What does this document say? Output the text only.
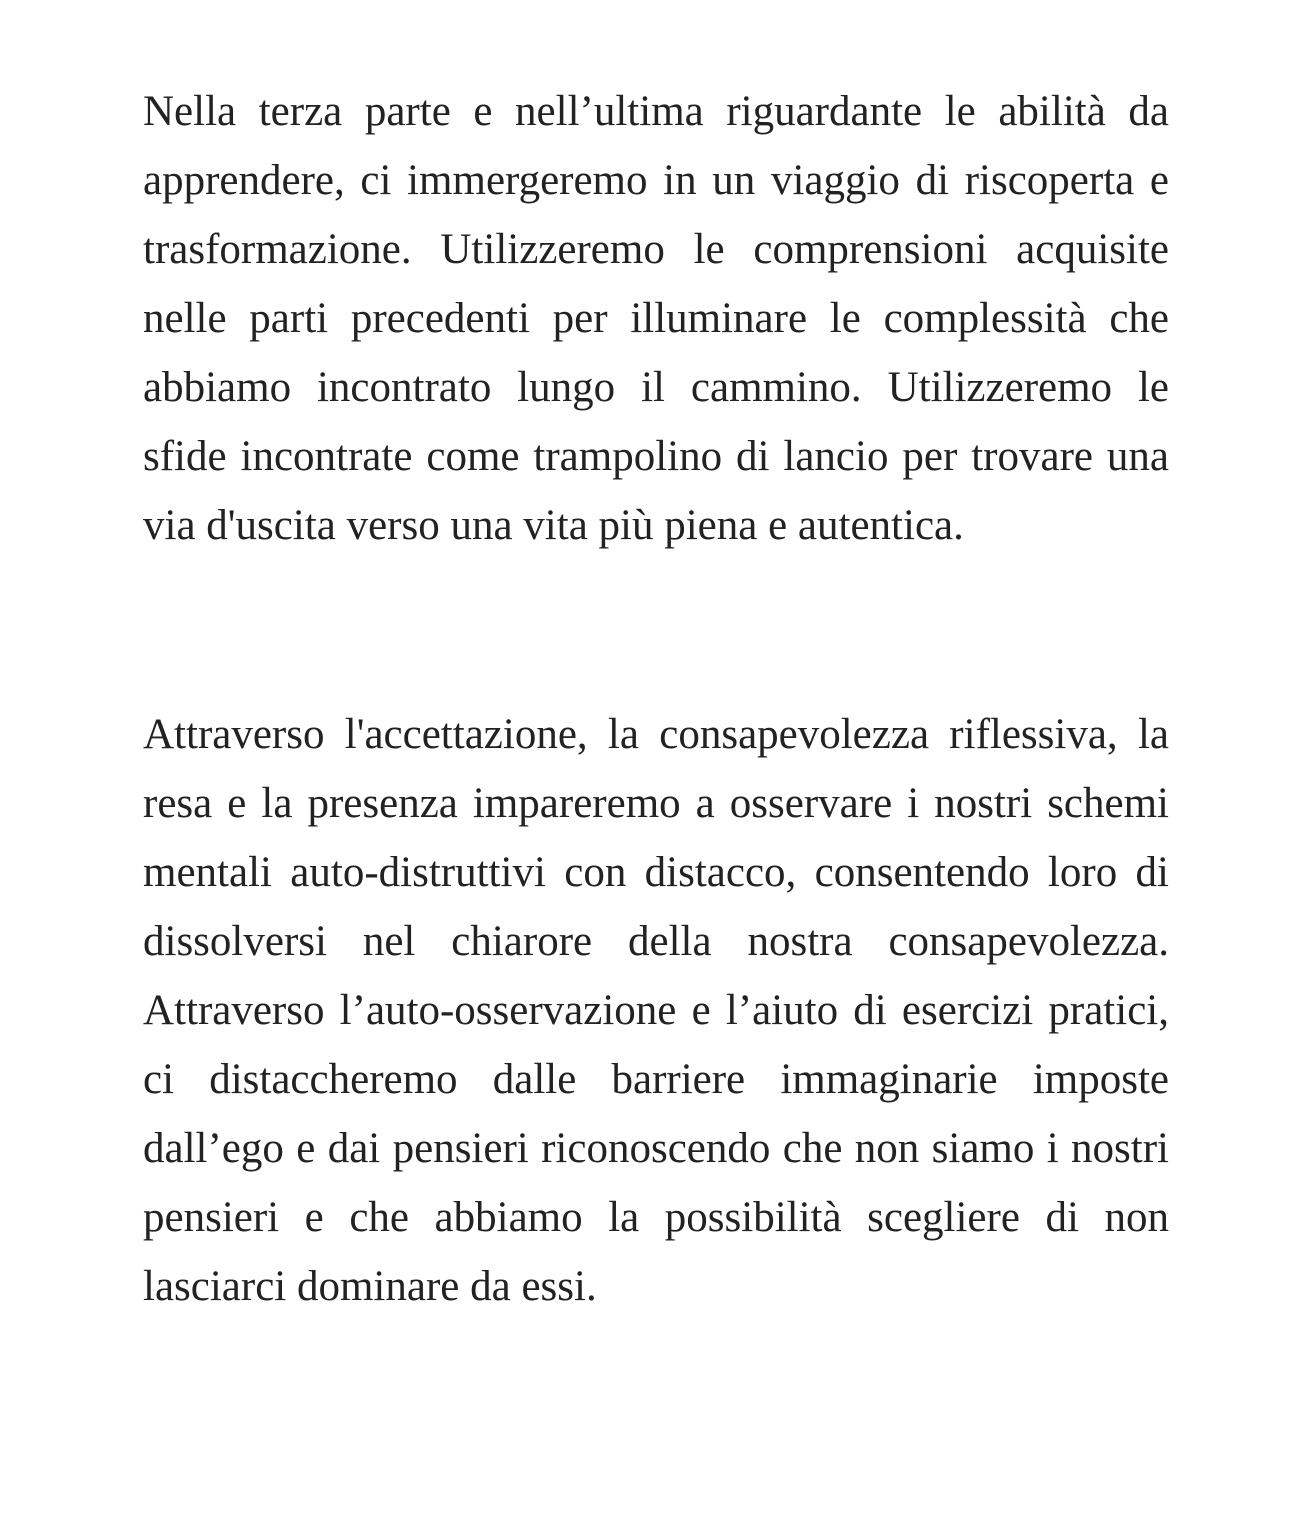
Nella terza parte e nell’ultima riguardante le abilità da apprendere, ci immergeremo in un viaggio di riscoperta e trasformazione. Utilizzeremo le comprensioni acquisite nelle parti precedenti per illuminare le complessità che abbiamo incontrato lungo il cammino. Utilizzeremo le sfide incontrate come trampolino di lancio per trovare una via d'uscita verso una vita più piena e autentica.

Attraverso l'accettazione, la consapevolezza riflessiva, la resa e la presenza impareremo a osservare i nostri schemi mentali auto-distruttivi con distacco, consentendo loro di dissolversi nel chiarore della nostra consapevolezza. Attraverso l’auto-osservazione e l’aiuto di esercizi pratici, ci distaccheremo dalle barriere immaginarie imposte dall’ego e dai pensieri riconoscendo che non siamo i nostri pensieri e che abbiamo la possibilità scegliere di non lasciarci dominare da essi.
